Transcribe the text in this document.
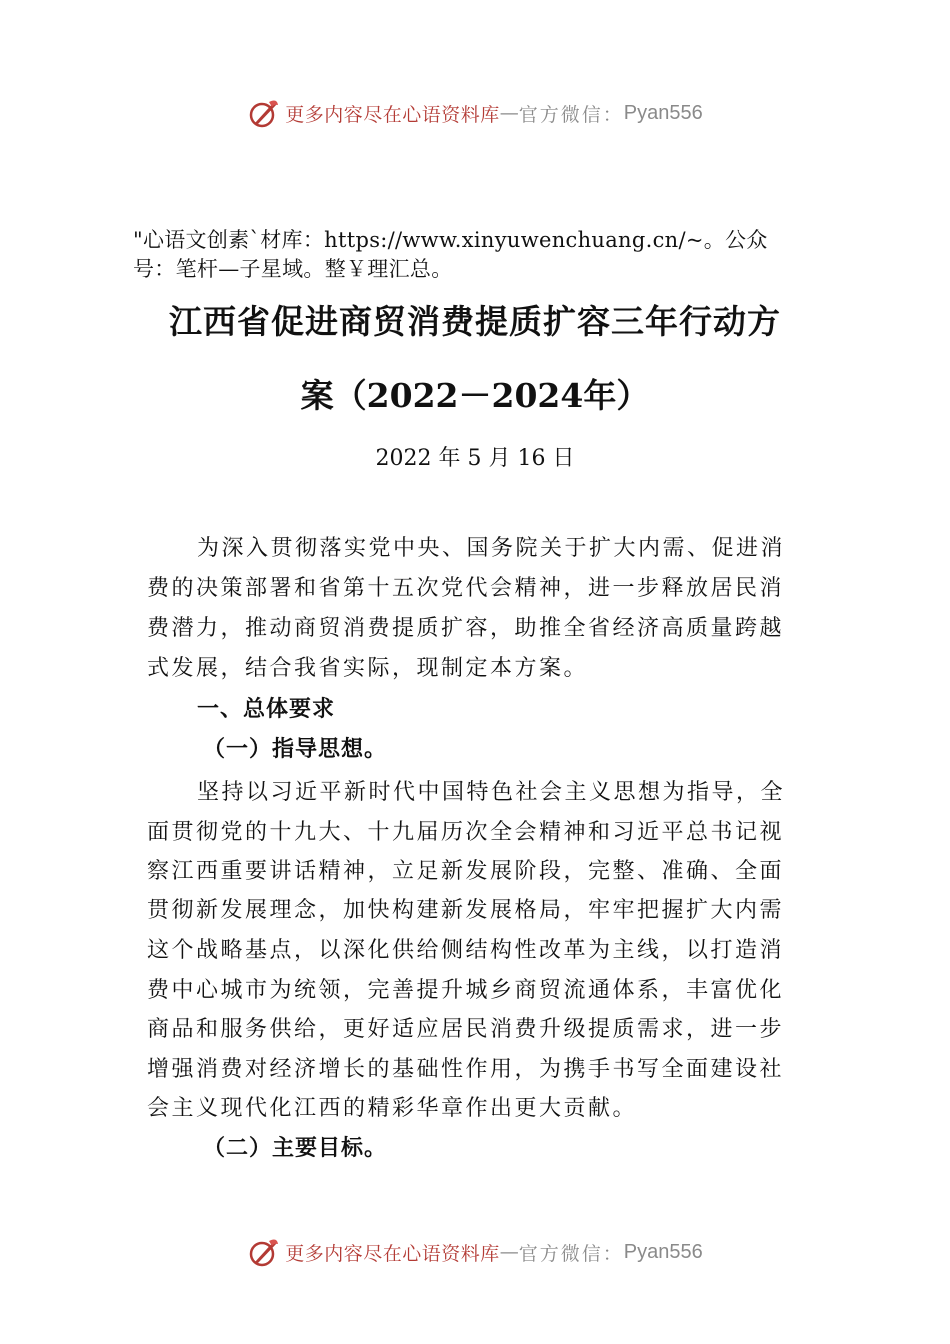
更多内容尽在心语资料库 — 官方微信： Pyan556
"心语文创素`材库：https://www.xinyuwenchuang.cn/~。公众
号：笔杆—子星域。整￥理汇总。
江西省促进商贸消费提质扩容三年行动方
案（2022－2024年）
2022 年 5 月 16 日
为深入贯彻落实党中央、国务院关于扩大内需、促进消
费的决策部署和省第十五次党代会精神，进一步释放居民消
费潜力，推动商贸消费提质扩容，助推全省经济高质量跨越
式发展，结合我省实际，现制定本方案。
一、总体要求
（一）指导思想。
坚持以习近平新时代中国特色社会主义思想为指导，全
面贯彻党的十九大、十九届历次全会精神和习近平总书记视
察江西重要讲话精神，立足新发展阶段，完整、准确、全面
贯彻新发展理念，加快构建新发展格局，牢牢把握扩大内需
这个战略基点，以深化供给侧结构性改革为主线，以打造消
费中心城市为统领，完善提升城乡商贸流通体系，丰富优化
商品和服务供给，更好适应居民消费升级提质需求，进一步
增强消费对经济增长的基础性作用，为携手书写全面建设社
会主义现代化江西的精彩华章作出更大贡献。
（二）主要目标。
更多内容尽在心语资料库 — 官方微信： Pyan556
